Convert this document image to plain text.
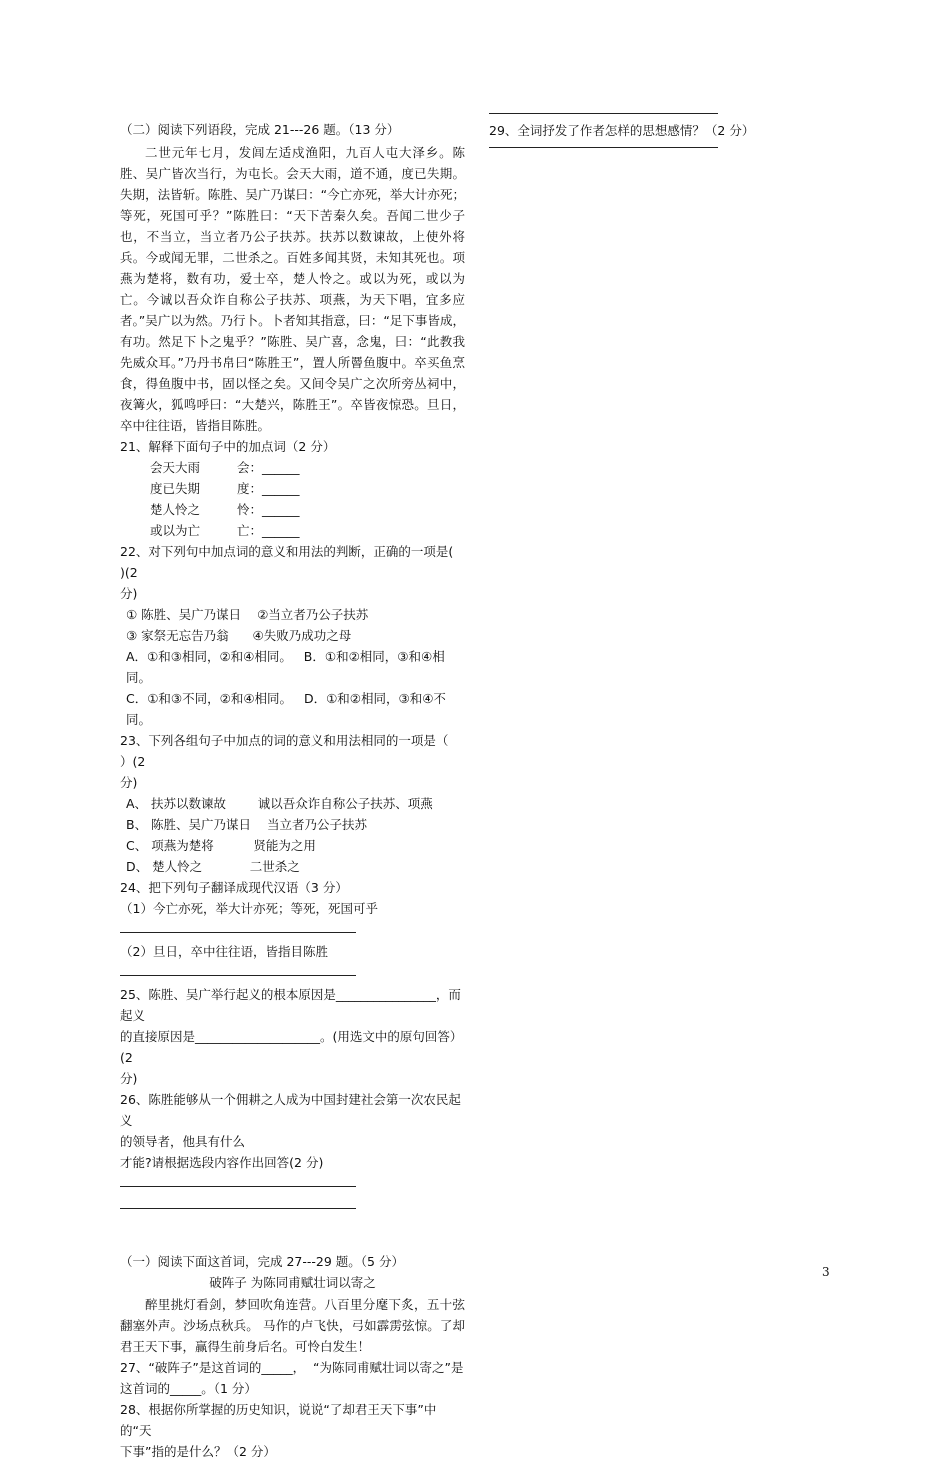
（二）阅读下列语段，完成 21---26 题。（13 分）
二世元年七月，发闾左适戍渔阳，九百人屯大泽乡。陈胜、吴广皆次当行，为屯长。会天大雨，道不通，度已失期。失期，法皆斩。陈胜、吴广乃谋曰：“今亡亦死，举大计亦死；等死，死国可乎？”陈胜曰：“天下苦秦久矣。吾闻二世少子也，不当立，当立者乃公子扶苏。扶苏以数谏故，上使外将兵。今或闻无罪，二世杀之。百姓多闻其贤，未知其死也。项燕为楚将，数有功，爱士卒，楚人怜之。或以为死，或以为亡。今诚以吾众诈自称公子扶苏、项燕，为天下唱，宜多应者。”吴广以为然。乃行卜。卜者知其指意，曰：“足下事皆成，有功。然足下卜之鬼乎？”陈胜、吴广喜，念鬼，曰：“此教我先威众耳。”乃丹书帛曰“陈胜王”，置人所罾鱼腹中。卒买鱼烹食，得鱼腹中书，固以怪之矣。又间令吴广之次所旁丛祠中，夜篝火，狐鸣呼曰：“大楚兴，陈胜王”。卒皆夜惊恐。旦日，卒中往往语，皆指目陈胜。
21、解释下面句子中的加点词（2 分）
会天大雨	会：______
度已失期	度：______
楚人怜之	怜：______
或以为亡	亡：______
22、对下列句中加点词的意义和用法的判断，正确的一项是(    )(2
分)
① 陈胜、吴广乃谋日    ②当立者乃公子扶苏
③ 家祭无忘告乃翁      ④失败乃成功之母
A．①和③相同，②和④相同。   B．①和②相同，③和④相同。
C．①和③不同，②和④相同。   D．①和②相同，③和④不同。
23、下列各组句子中加点的词的意义和用法相同的一项是（    ）(2
分)
A、 扶苏以数谏故        诚以吾众诈自称公子扶苏、项燕
B、 陈胜、吴广乃谋日    当立者乃公子扶苏
C、 项燕为楚将          贤能为之用
D、 楚人怜之            二世杀之
24、把下列句子翻译成现代汉语（3 分）
（1）今亡亦死，举大计亦死；等死，死国可乎
（2）旦日，卒中往往语，皆指目陈胜
25、陈胜、吴广举行起义的根本原因是________________，而起义
的直接原因是____________________。(用选文中的原句回答）(2
分)
26、陈胜能够从一个佣耕之人成为中国封建社会第一次农民起义
的领导者，他具有什么
才能?请根据选段内容作出回答(2 分)
（一）阅读下面这首词，完成 27---29 题。（5 分）
破阵子 为陈同甫赋壮词以寄之
醉里挑灯看剑，梦回吹角连营。八百里分麾下炙，五十弦翻塞外声。沙场点秋兵。 马作的卢飞快，弓如霹雳弦惊。了却君王天下事，赢得生前身后名。可怜白发生！
27、“破阵子”是这首词的_____，  “为陈同甫赋壮词以寄之”是
这首词的_____。（1 分）
28、根据你所掌握的历史知识，说说“了却君王天下事”中的“天
下事”指的是什么？（2 分）
29、全词抒发了作者怎样的思想感情？（2 分）
3
